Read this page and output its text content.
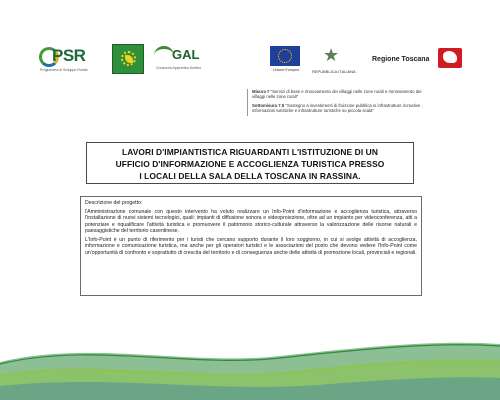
PSR
Programma di Sviluppo Rurale
GAL
Consorzio Appennino Aretino	Unione Europea
★
REPUBBLICA ITALIANA
Regione Toscana

Misura 7 "Servizi di base e rinnovamento dei villaggi nelle zone rurali e rinnovamento dei villaggi nelle zone rurali"

Sottomisura 7.5 "Sostegno a investimenti di fruizione pubblica in infrastrutture ricreative , informazioni turistiche e infrastrutture turistiche su piccola scala"

LAVORI D'IMPIANTISTICA RIGUARDANTI L'ISTITUZIONE DI UN
UFFICIO D'INFORMAZIONE E ACCOGLIENZA TURISTICA PRESSO
I LOCALI DELLA SALA DELLA TOSCANA IN RASSINA.

Descrizione del progetto:

l'Amministrazione comunale con questo intervento ha voluto realizzare un Info-Point d'informazione e accoglienza turistica, attraverso l'installazione di nuovi sistemi tecnologici, quali: impianti di diffusione sonora e videoproiezione, oltre ad un impianto per videoconferenza, atti a potenziare e riqualificare l'attività turistica e promuovere il patrimonio storico-culturale attraverso la valorizzazione delle risorse naturali e paesaggistiche del territorio casentinese.

L'Info-Point è un punto di riferimento per i turisti che cercano supporto durante il loro soggiorno, in cui si svolge attività di accoglienza, informazione e comunicazione turistica, ma anche per gli operatori turistici e le associazioni del posto che devono vedere l'Info-Point come un'opportunità di confronto e soprattutto di crescita del territorio e di conseguenza anche delle attività di promozione locali, provinciali e regionali.
